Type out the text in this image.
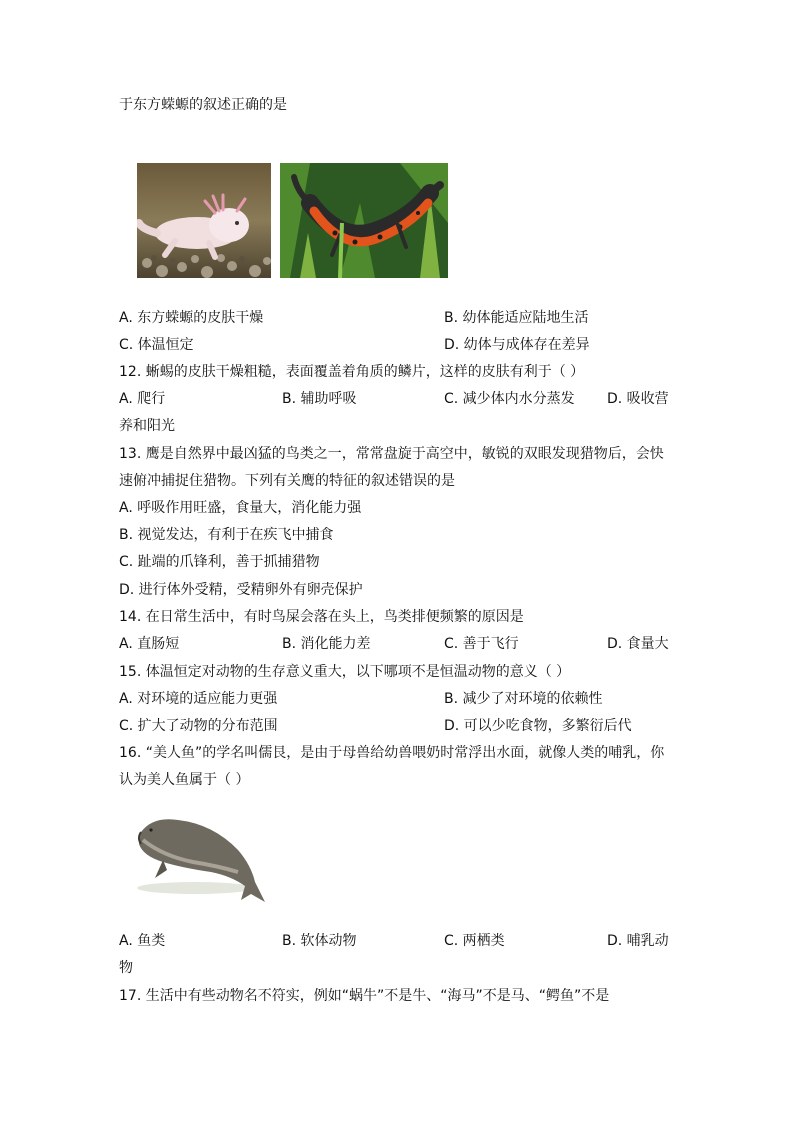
于东方蝾螈的叙述正确的是
A. 东方蝾螈的皮肤干燥	B. 幼体能适应陆地生活
C. 体温恒定	D. 幼体与成体存在差异
12. 蜥蜴的皮肤干燥粗糙，表面覆盖着角质的鳞片，这样的皮肤有利于（ ）
A. 爬行	B. 辅助呼吸	C. 减少体内水分蒸发 D. 吸收营
养和阳光
13. 鹰是自然界中最凶猛的鸟类之一，常常盘旋于高空中，敏锐的双眼发现猎物后，会快
速俯冲捕捉住猎物。下列有关鹰的特征的叙述错误的是
A. 呼吸作用旺盛，食量大，消化能力强
B. 视觉发达，有利于在疾飞中捕食
C. 趾端的爪锋利，善于抓捕猎物
D. 进行体外受精，受精卵外有卵壳保护
14. 在日常生活中，有时鸟屎会落在头上，鸟类排便频繁的原因是
A. 直肠短	B. 消化能力差	C. 善于飞行	D. 食量大
15. 体温恒定对动物的生存意义重大，以下哪项不是恒温动物的意义（ ）
A. 对环境的适应能力更强	B. 减少了对环境的依赖性
C. 扩大了动物的分布范围	D. 可以少吃食物，多繁衍后代
16. “美人鱼”的学名叫儒艮，是由于母兽给幼兽喂奶时常浮出水面，就像人类的哺乳，你
认为美人鱼属于（ ）
A. 鱼类	B. 软体动物	C. 两栖类	D. 哺乳动
物
17. 生活中有些动物名不符实，例如“蜗牛”不是牛、“海马”不是马、“鳄鱼”不是
